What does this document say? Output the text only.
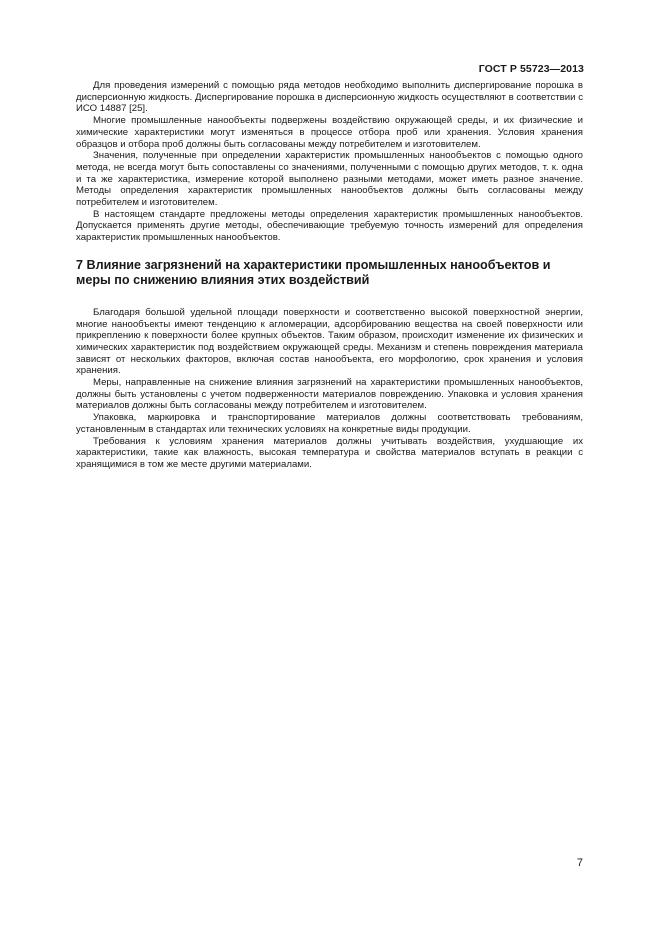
ГОСТ Р 55723—2013

Для проведения измерений с помощью ряда методов необходимо выполнить диспергирование порошка в дисперсионную жидкость. Диспергирование порошка в дисперсионную жидкость осуществляют в соответствии с ИСО 14887 [25].

Многие промышленные нанообъекты подвержены воздействию окружающей среды, и их физические и химические характеристики могут изменяться в процессе отбора проб или хранения. Условия хранения образцов и отбора проб должны быть согласованы между потребителем и изготовителем.

Значения, полученные при определении характеристик промышленных нанообъектов с помощью одного метода, не всегда могут быть сопоставлены со значениями, полученными с помощью других методов, т. к. одна и та же характеристика, измерение которой выполнено разными методами, может иметь разное значение. Методы определения характеристик промышленных нанообъектов должны быть согласованы между потребителем и изготовителем.

В настоящем стандарте предложены методы определения характеристик промышленных нанообъектов. Допускается применять другие методы, обеспечивающие требуемую точность измерений для определения характеристик промышленных нанообъектов.

7 Влияние загрязнений на характеристики промышленных нанообъектов и меры по снижению влияния этих воздействий

Благодаря большой удельной площади поверхности и соответственно высокой поверхностной энергии, многие нанообъекты имеют тенденцию к агломерации, адсорбированию вещества на своей поверхности или прикреплению к поверхности более крупных объектов. Таким образом, происходит изменение их физических и химических характеристик под воздействием окружающей среды. Механизм и степень повреждения материала зависят от нескольких факторов, включая состав нанообъекта, его морфологию, срок хранения и условия хранения.

Меры, направленные на снижение влияния загрязнений на характеристики промышленных нанообъектов, должны быть установлены с учетом подверженности материалов повреждению. Упаковка и условия хранения материалов должны быть согласованы между потребителем и изготовителем.

Упаковка, маркировка и транспортирование материалов должны соответствовать требованиям, установленным в стандартах или технических условиях на конкретные виды продукции.

Требования к условиям хранения материалов должны учитывать воздействия, ухудшающие их характеристики, такие как влажность, высокая температура и свойства материалов вступать в реакции с хранящимися в том же месте другими материалами.

7
